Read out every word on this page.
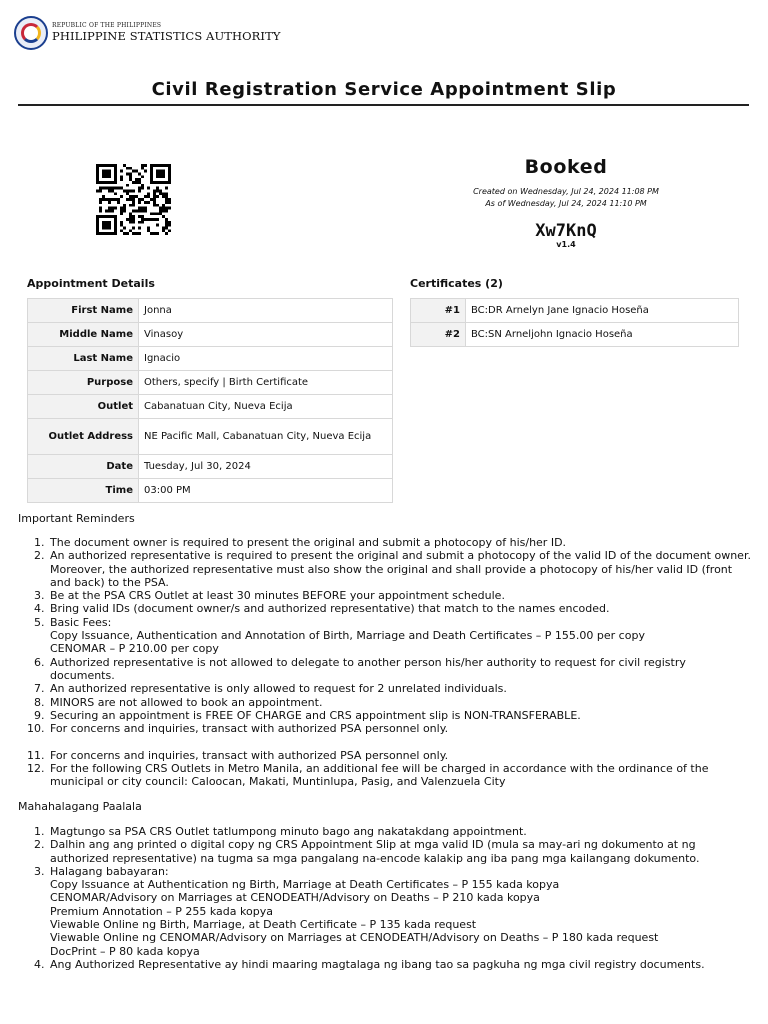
REPUBLIC OF THE PHILIPPINES
PHILIPPINE STATISTICS AUTHORITY
Civil Registration Service Appointment Slip
Booked
Created on Wednesday, Jul 24, 2024 11:08 PM
As of Wednesday, Jul 24, 2024 11:10 PM
Xw7KnQ
v1.4
Appointment Details
First Name	Jonna
Middle Name	Vinasoy
Last Name	Ignacio
Purpose	Others, specify | Birth Certificate
Outlet	Cabanatuan City, Nueva Ecija
Outlet Address	NE Pacific Mall, Cabanatuan City, Nueva Ecija
Date	Tuesday, Jul 30, 2024
Time	03:00 PM
Certificates (2)
#1	BC:DR Arnelyn Jane Ignacio Hoseña
#2	BC:SN Arneljohn Ignacio Hoseña
Important Reminders
1. The document owner is required to present the original and submit a photocopy of his/her ID.
2. An authorized representative is required to present the original and submit a photocopy of the valid ID of the document owner. Moreover, the authorized representative must also show the original and shall provide a photocopy of his/her valid ID (front and back) to the PSA.
3. Be at the PSA CRS Outlet at least 30 minutes BEFORE your appointment schedule.
4. Bring valid IDs (document owner/s and authorized representative) that match to the names encoded.
5. Basic Fees:
Copy Issuance, Authentication and Annotation of Birth, Marriage and Death Certificates – P 155.00 per copy
CENOMAR – P 210.00 per copy
6. Authorized representative is not allowed to delegate to another person his/her authority to request for civil registry documents.
7. An authorized representative is only allowed to request for 2 unrelated individuals.
8. MINORS are not allowed to book an appointment.
9. Securing an appointment is FREE OF CHARGE and CRS appointment slip is NON-TRANSFERABLE.
10. For concerns and inquiries, transact with authorized PSA personnel only.
11. For concerns and inquiries, transact with authorized PSA personnel only.
12. For the following CRS Outlets in Metro Manila, an additional fee will be charged in accordance with the ordinance of the municipal or city council: Caloocan, Makati, Muntinlupa, Pasig, and Valenzuela City
Mahahalagang Paalala
1. Magtungo sa PSA CRS Outlet tatlumpong minuto bago ang nakatakdang appointment.
2. Dalhin ang ang printed o digital copy ng CRS Appointment Slip at mga valid ID (mula sa may-ari ng dokumento at ng authorized representative) na tugma sa mga pangalang na-encode kalakip ang iba pang mga kailangang dokumento.
3. Halagang babayaran:
Copy Issuance at Authentication ng Birth, Marriage at Death Certificates – P 155 kada kopya
CENOMAR/Advisory on Marriages at CENODEATH/Advisory on Deaths – P 210 kada kopya
Premium Annotation – P 255 kada kopya
Viewable Online ng Birth, Marriage, at Death Certificate – P 135 kada request
Viewable Online ng CENOMAR/Advisory on Marriages at CENODEATH/Advisory on Deaths – P 180 kada request
DocPrint – P 80 kada kopya
4. Ang Authorized Representative ay hindi maaring magtalaga ng ibang tao sa pagkuha ng mga civil registry documents.
